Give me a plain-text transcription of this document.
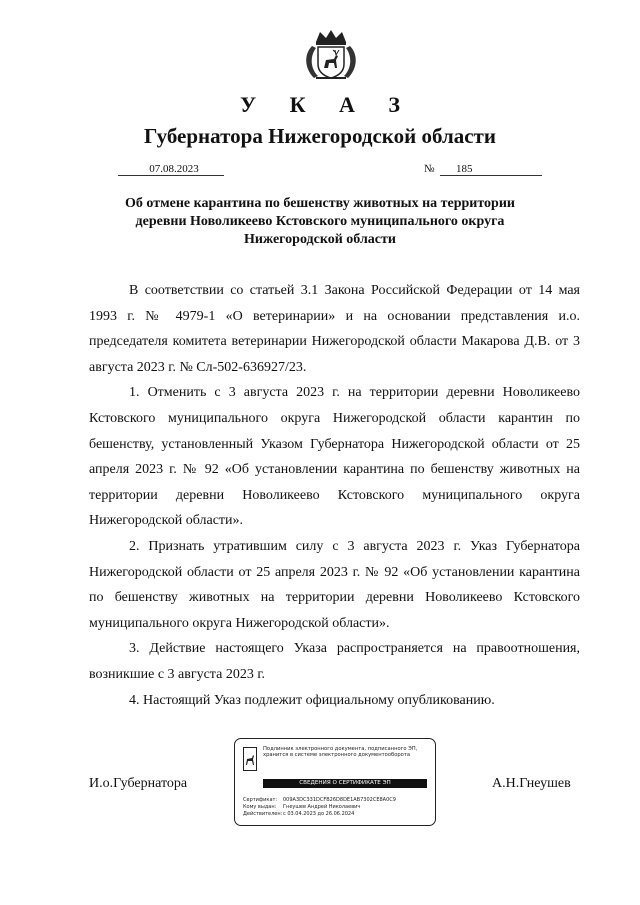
У К А З
Губернатора Нижегородской области
07.08.2023	№	185
Об отмене карантина по бешенству животных на территории
деревни Новоликеево Кстовского муниципального округа
Нижегородской области

В соответствии со статьей 3.1 Закона Российской Федерации от 14 мая 1993 г. № 4979-1 «О ветеринарии» и на основании представления и.о. председателя комитета ветеринарии Нижегородской области Макарова Д.В. от 3 августа 2023 г. № Сл-502-636927/23.

1. Отменить с 3 августа 2023 г. на территории деревни Новоликеево Кстовского муниципального округа Нижегородской области карантин по бешенству, установленный Указом Губернатора Нижегородской области от 25 апреля 2023 г. № 92 «Об установлении карантина по бешенству животных на территории деревни Новоликеево Кстовского муниципального округа Нижегородской области».

2. Признать утратившим силу с 3 августа 2023 г. Указ Губернатора Нижегородской области от 25 апреля 2023 г. № 92 «Об установлении карантина по бешенству животных на территории деревни Новоликеево Кстовского муниципального округа Нижегородской области».

3. Действие настоящего Указа распространяется на правоотношения, возникшие с 3 августа 2023 г.

4. Настоящий Указ подлежит официальному опубликованию.

И.о.Губернатора	А.Н.Гнеушев
Подлинник электронного документа, подписанного ЭП,
хранится в системе электронного документооборота
СВЕДЕНИЯ О СЕРТИФИКАТЕ ЭП
Сертификат:	009A3DC331DCFB26D8DE1AB7302CE8A0C9
Кому выдан:	Гнеушев Андрей Николаевич
Действителен: с 03.04.2023 до 26.06.2024
